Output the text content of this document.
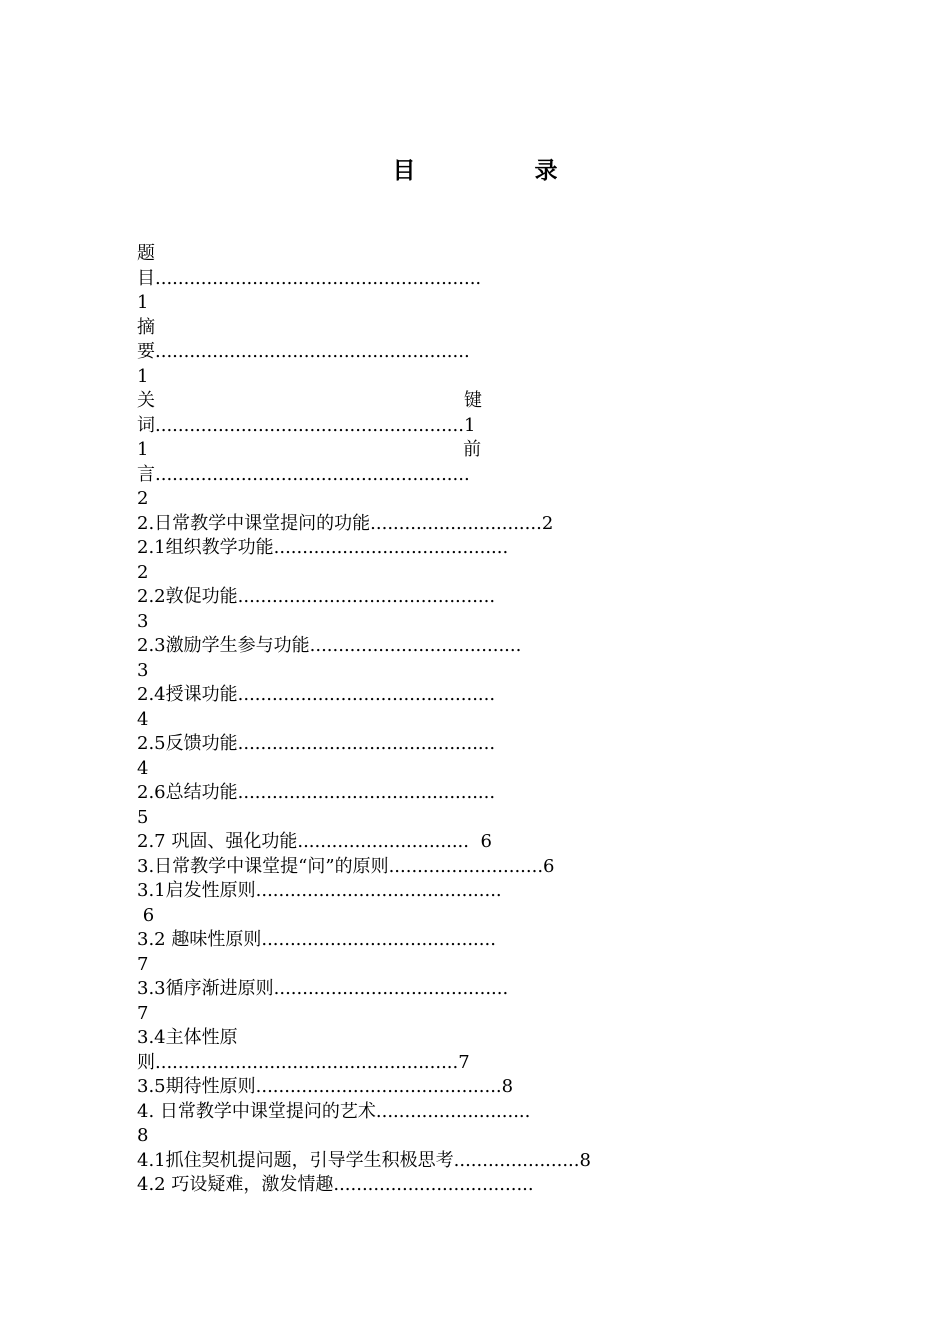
目　录
题
目.........................................................
1
摘
要.......................................................
1
关                                                      键
词......................................................1
1                                                       前
言.......................................................
2
2.日常教学中课堂提问的功能..............................2
2.1组织教学功能.........................................
2
2.2敦促功能.............................................
3
2.3激励学生参与功能.....................................
3
2.4授课功能.............................................
4
2.5反馈功能.............................................
4
2.6总结功能.............................................
5
2.7 巩固、强化功能..............................  6
3.日常教学中课堂提“问”的原则...........................6
3.1启发性原则...........................................
6
3.2 趣味性原则.........................................
7
3.3循序渐进原则.........................................
7
3.4主体性原
则.....................................................7
3.5期待性原则...........................................8
4. 日常教学中课堂提问的艺术...........................
8
4.1抓住契机提问题，引导学生积极思考......................8
4.2 巧设疑难，激发情趣...................................
